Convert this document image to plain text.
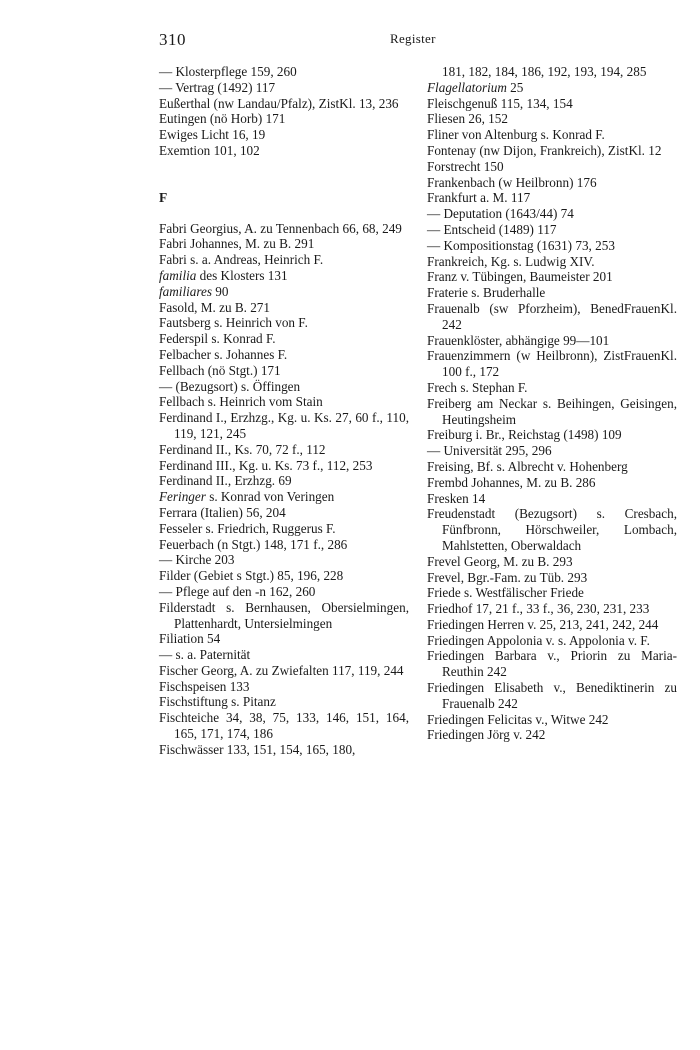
310	Register

— Klosterpflege 159, 260

— Vertrag (1492) 117

Eußerthal (nw Landau/Pfalz), ZistKl. 13, 236

Eutingen (nö Horb) 171

Ewiges Licht 16, 19

Exemtion 101, 102

F

Fabri Georgius, A. zu Tennenbach 66, 68, 249

Fabri Johannes, M. zu B. 291

Fabri s. a. Andreas, Heinrich F.

familia des Klosters 131

familiares 90

Fasold, M. zu B. 271

Fautsberg s. Heinrich von F.

Federspil s. Konrad F.

Felbacher s. Johannes F.

Fellbach (nö Stgt.) 171

— (Bezugsort) s. Öffingen

Fellbach s. Heinrich vom Stain

Ferdinand I., Erzhzg., Kg. u. Ks. 27, 60 f., 110, 119, 121, 245

Ferdinand II., Ks. 70, 72 f., 112

Ferdinand III., Kg. u. Ks. 73 f., 112, 253

Ferdinand II., Erzhzg. 69

Feringer s. Konrad von Veringen

Ferrara (Italien) 56, 204

Fesseler s. Friedrich, Ruggerus F.

Feuerbach (n Stgt.) 148, 171 f., 286

— Kirche 203

Filder (Gebiet s Stgt.) 85, 196, 228

— Pflege auf den -n 162, 260

Filderstadt s. Bernhausen, Obersielmingen, Plattenhardt, Untersielmingen

Filiation 54

— s. a. Paternität

Fischer Georg, A. zu Zwiefalten 117, 119, 244

Fischspeisen 133

Fischstiftung s. Pitanz

Fischteiche 34, 38, 75, 133, 146, 151, 164, 165, 171, 174, 186

Fischwässer 133, 151, 154, 165, 180,

181, 182, 184, 186, 192, 193, 194, 285

Flagellatorium 25

Fleischgenuß 115, 134, 154

Fliesen 26, 152

Fliner von Altenburg s. Konrad F.

Fontenay (nw Dijon, Frankreich), ZistKl. 12

Forstrecht 150

Frankenbach (w Heilbronn) 176

Frankfurt a. M. 117

— Deputation (1643/44) 74

— Entscheid (1489) 117

— Kompositionstag (1631) 73, 253

Frankreich, Kg. s. Ludwig XIV.

Franz v. Tübingen, Baumeister 201

Fraterie s. Bruderhalle

Frauenalb (sw Pforzheim), BenedFrauenKl. 242

Frauenklöster, abhängige 99—101

Frauenzimmern (w Heilbronn), ZistFrauenKl. 100 f., 172

Frech s. Stephan F.

Freiberg am Neckar s. Beihingen, Geisingen, Heutingsheim

Freiburg i. Br., Reichstag (1498) 109

— Universität 295, 296

Freising, Bf. s. Albrecht v. Hohenberg

Frembd Johannes, M. zu B. 286

Fresken 14

Freudenstadt (Bezugsort) s. Cresbach, Fünfbronn, Hörschweiler, Lombach, Mahlstetten, Oberwaldach

Frevel Georg, M. zu B. 293

Frevel, Bgr.-Fam. zu Tüb. 293

Friede s. Westfälischer Friede

Friedhof 17, 21 f., 33 f., 36, 230, 231, 233

Friedingen Herren v. 25, 213, 241, 242, 244

Friedingen Appolonia v. s. Appolonia v. F.

Friedingen Barbara v., Priorin zu Maria-Reuthin 242

Friedingen Elisabeth v., Benediktinerin zu Frauenalb 242

Friedingen Felicitas v., Witwe 242

Friedingen Jörg v. 242
